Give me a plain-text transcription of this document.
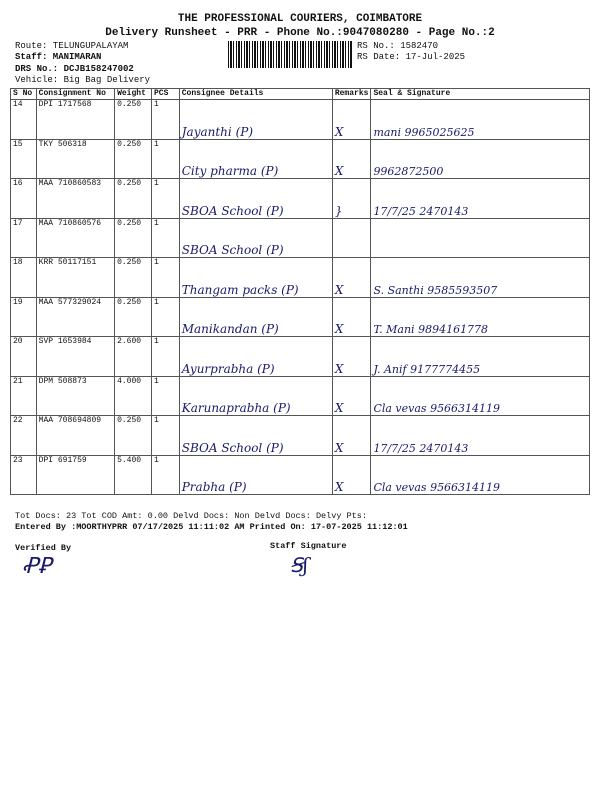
THE PROFESSIONAL COURIERS, COIMBATORE
Delivery Runsheet - PRR - Phone No.:9047080280 - Page No.:2
Route: TELUNGUPALAYAM
Staff: MANIMARAN
DRS No.: DCJB158247002
Vehicle: Big Bag Delivery
RS No.: 1582470
RS Date: 17-Jul-2025
S No	Consignment No	Weight	PCS	Consignee Details	Remarks	Seal & Signature
14	DPI 1717568	0.250	1	Jayanthi (P)	X	mani 9965025625
15	TKY 506318	0.250	1	City pharma (P)	X	9962872500
16	MAA 710860583	0.250	1	SBOA School (P)	}	17/7/25 2470143
17	MAA 710860576	0.250	1	SBOA School (P)		
18	KRR 50117151	0.250	1	Thangam packs (P)	X	S. Santhi 9585593507
19	MAA 577329024	0.250	1	Manikandan (P)	X	T. Mani 9894161778
20	SVP 1653984	2.600	1	Ayurprabha (P)	X	J. Anif 9177774455
21	DPM 508873	4.000	1	Karunaprabha (P)	X	Cla vevas 9566314119
22	MAA 708694809	0.250	1	SBOA School (P)	X	17/7/25 2470143
23	DPI 691759	5.400	1	Prabha (P)	X	Cla vevas 9566314119
Tot Docs: 23 Tot COD Amt: 0.00 Delvd Docs: Non Delvd Docs: Delvy Pts:
Entered By :MOORTHYPRR 07/17/2025 11:11:02 AM Printed On: 17-07-2025 11:12:01
Verified By	Staff Signature
ꝒꝐ	Ꞩʃ
